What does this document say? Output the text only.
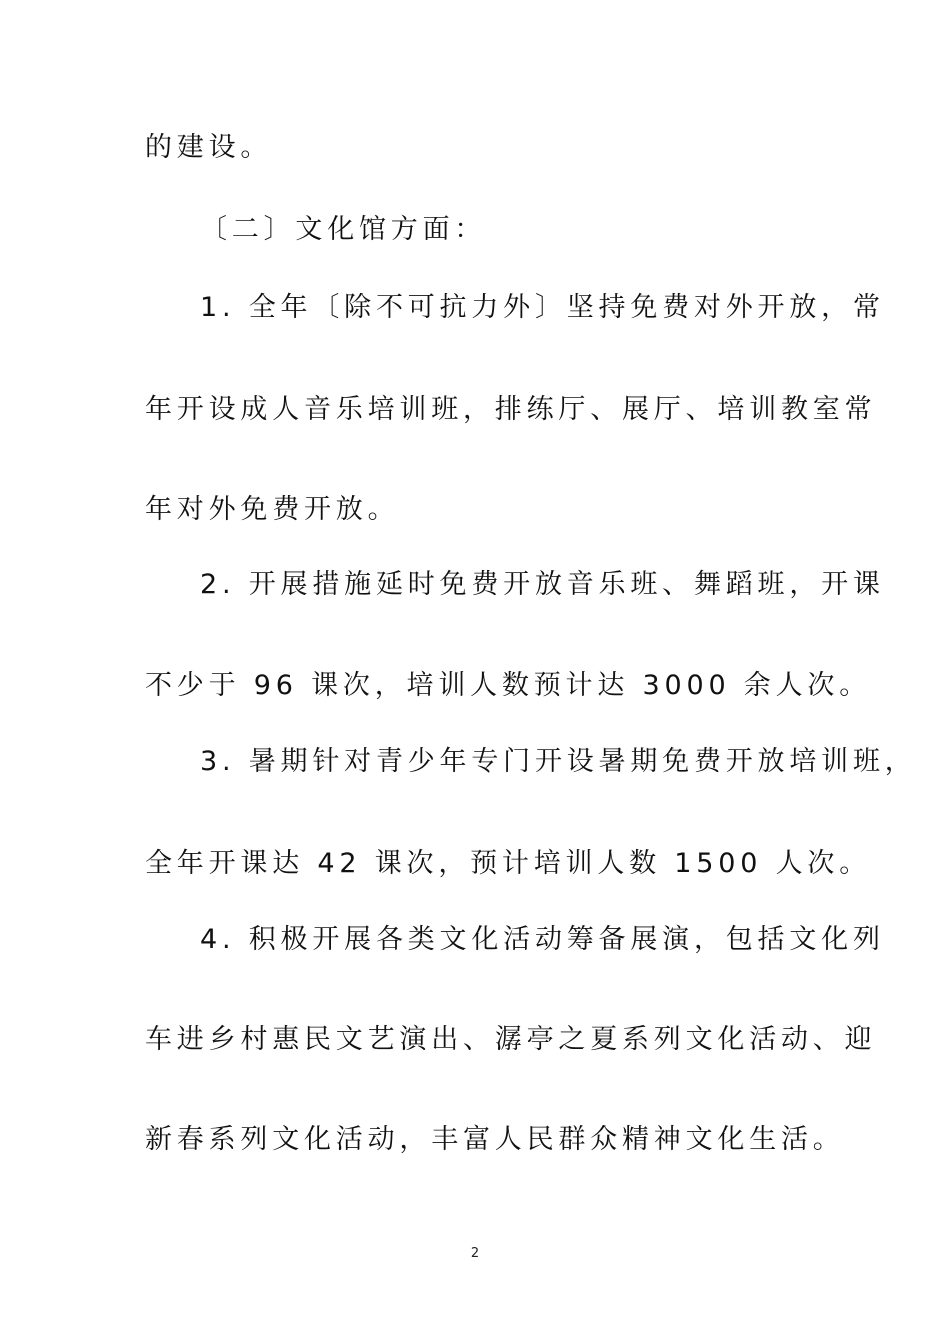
的建设。
〔二〕文化馆方面：
1. 全年〔除不可抗力外〕坚持免费对外开放，常
年开设成人音乐培训班，排练厅、展厅、培训教室常
年对外免费开放。
2. 开展措施延时免费开放音乐班、舞蹈班，开课
不少于 96 课次，培训人数预计达 3000 余人次。
3. 暑期针对青少年专门开设暑期免费开放培训班，
全年开课达 42 课次，预计培训人数 1500 人次。
4. 积极开展各类文化活动筹备展演，包括文化列
车进乡村惠民文艺演出、潺亭之夏系列文化活动、迎
新春系列文化活动，丰富人民群众精神文化生活。
2
